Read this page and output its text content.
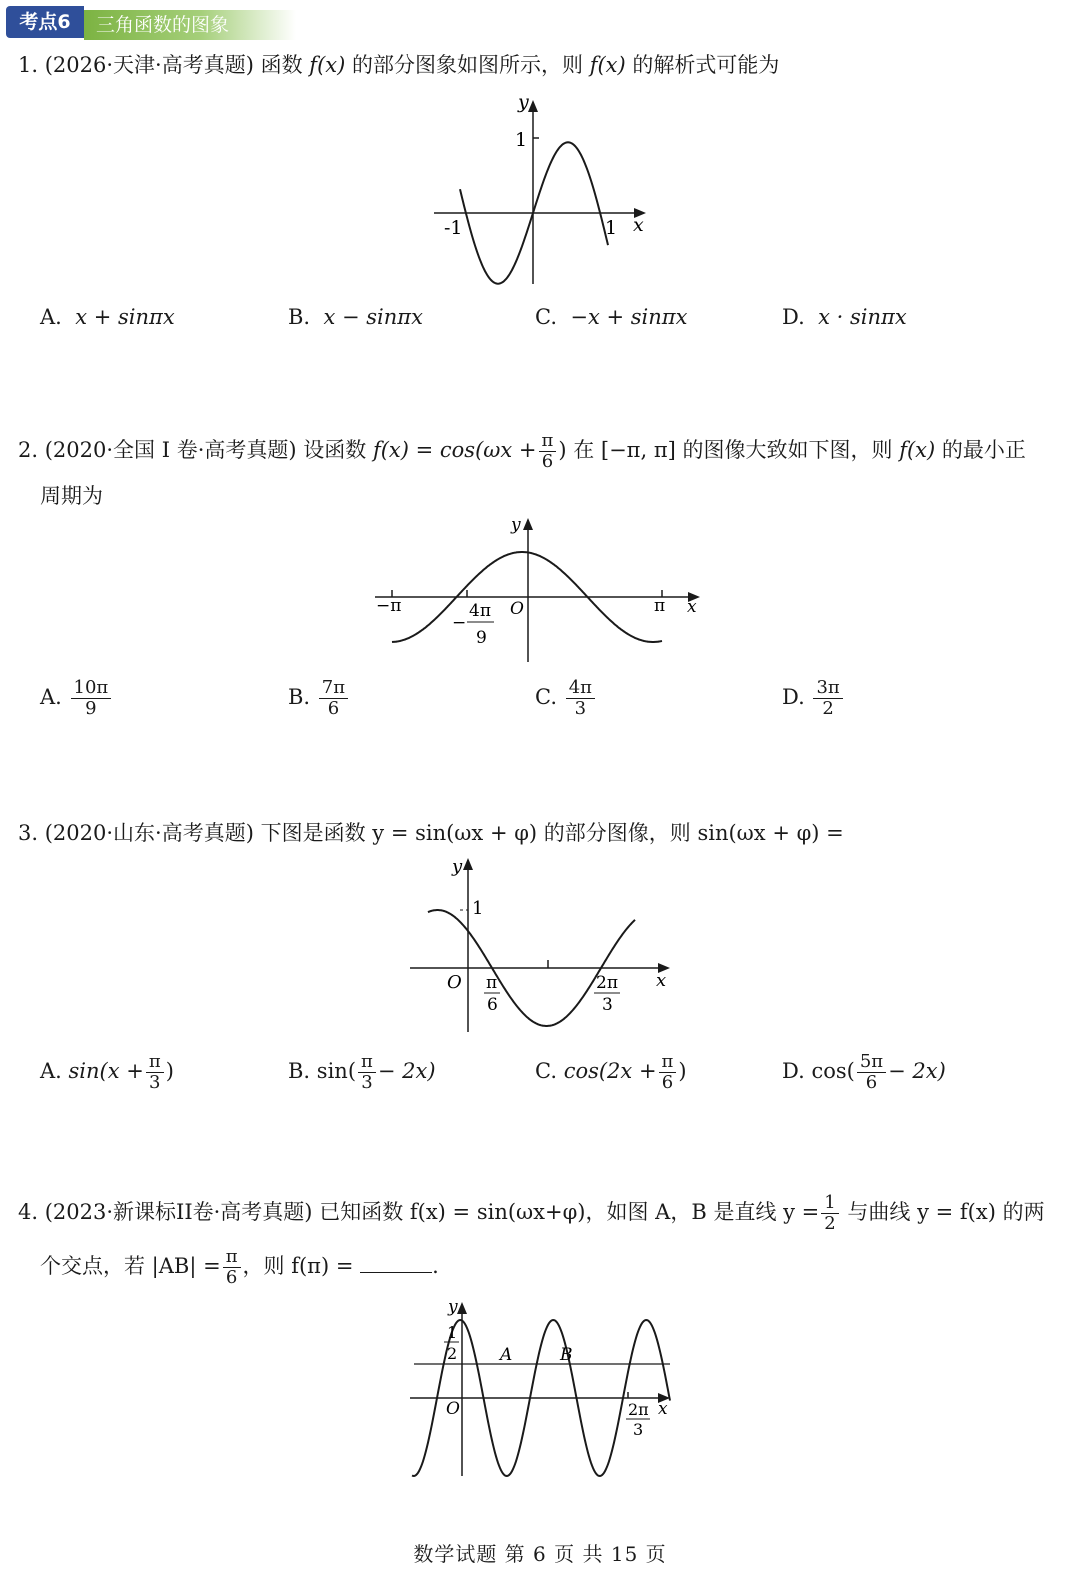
考点6	三角函数的图象
1. (2026·天津·高考真题) 函数 f(x) 的部分图象如图所示，则 f(x) 的解析式可能为
y
x
1
-1	1
A. x + sinπx	B. x − sinπx	C. −x + sinπx	D. x · sinπx
2. (2020·全国 I 卷·高考真题) 设函数 $f(x) = \cos(\omega x + \frac{\pi}{6}$ ) 在 [−π, π] 的图像大致如下图，则 f(x) 的最小正
周期为
y
x
−π	π
O
−
4π
9
A. $\frac{10\pi}{9}$	B. $\frac{7\pi}{6}$	C. $\frac{4\pi}{3}$	D. $\frac{3\pi}{2}$
3. (2020·山东·高考真题) 下图是函数 y = sin(ωx + φ) 的部分图像，则 sin(ωx + φ) =
y
x
O
1
π
6
2π
3
A. $\sin(x + \frac{\pi}{3}$ )	B. $\sin( \frac{\pi}{3} - 2x)$	C. $\cos(2x + \frac{\pi}{6}$ )	D. $\cos( \frac{5\pi}{6} - 2x)$
4. (2023·新课标II卷·高考真题) 已知函数 f(x) = sin(ωx+φ)，如图 A，B 是直线 $y = \frac{1}{2}$ 与曲线 y = f(x) 的两
个交点，若 $|AB| = \frac{\pi}{6}$ ，则 f(π) =	.
y
x
O
1
2	A	B
2π
3
数学试题 第 6 页 共 15 页
